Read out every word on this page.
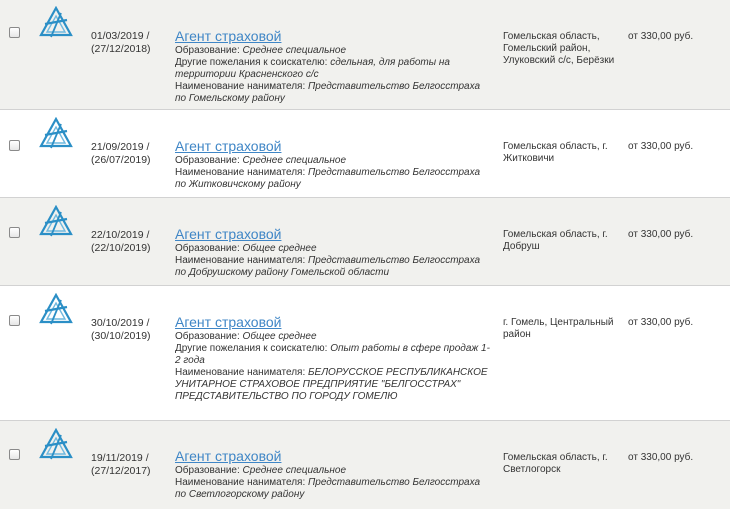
01/03/2019 /
(27/12/2018)
Агент страховой
Образование: Среднее специальное
Другие пожелания к соискателю: сдельная, для работы на территории Красненского с/с
Наименование нанимателя: Представительство Белгосстраха по Гомельскому району
Гомельская область, Гомельский район, Улуковский с/с, Берёзки
от 330,00 руб.
21/09/2019 /
(26/07/2019)
Агент страховой
Образование: Среднее специальное
Наименование нанимателя: Представительство Белгосстраха по Житковичскому району
Гомельская область, г. Житковичи
от 330,00 руб.
22/10/2019 /
(22/10/2019)
Агент страховой
Образование: Общее среднее
Наименование нанимателя: Представительство Белгосстраха по Добрушскому району Гомельской области
Гомельская область, г. Добруш
от 330,00 руб.
30/10/2019 /
(30/10/2019)
Агент страховой
Образование: Общее среднее
Другие пожелания к соискателю: Опыт работы в сфере продаж 1-2 года
Наименование нанимателя: БЕЛОРУССКОЕ РЕСПУБЛИКАНСКОЕ УНИТАРНОЕ СТРАХОВОЕ ПРЕДПРИЯТИЕ "БЕЛГОССТРАХ" ПРЕДСТАВИТЕЛЬСТВО ПО ГОРОДУ ГОМЕЛЮ
г. Гомель, Центральный район
от 330,00 руб.
19/11/2019 /
(27/12/2017)
Агент страховой
Образование: Среднее специальное
Наименование нанимателя: Представительство Белгосстраха по Светлогорскому району
Гомельская область, г. Светлогорск
от 330,00 руб.
